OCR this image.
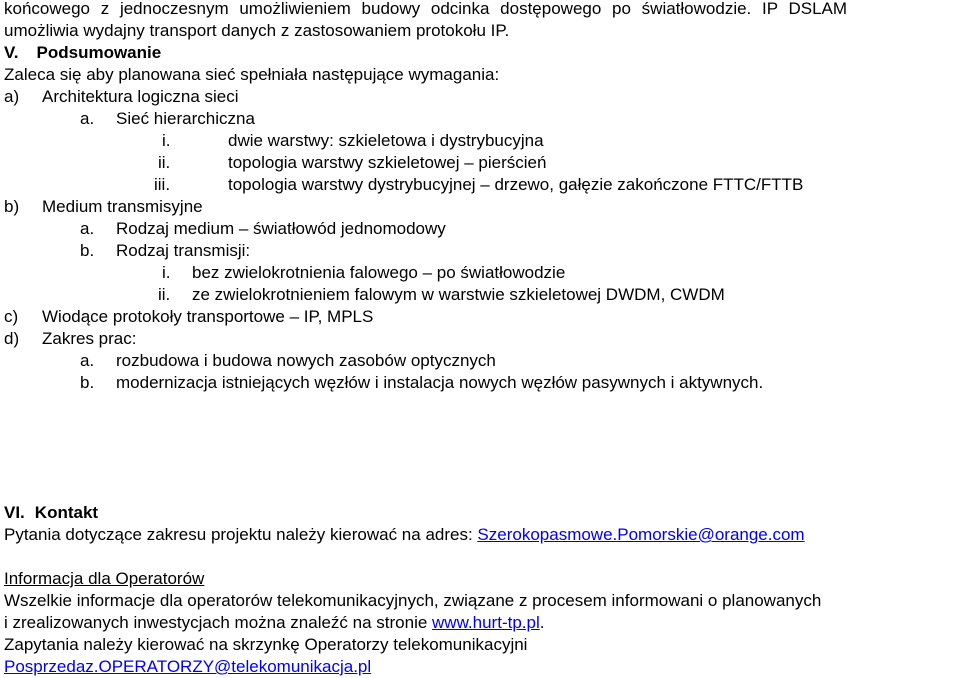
końcowego z jednoczesnym umożliwieniem budowy odcinka dostępowego po światłowodzie. IP DSLAM
umożliwia wydajny transport danych z zastosowaniem protokołu IP.
V. Podsumowanie
Zaleca się aby planowana sieć spełniała następujące wymagania:
a) Architektura logiczna sieci
a. Sieć hierarchiczna
i.	dwie warstwy: szkieletowa i dystrybucyjna
ii.	topologia warstwy szkieletowej – pierścień
iii.	topologia warstwy dystrybucyjnej – drzewo, gałęzie zakończone FTTC/FTTB
b) Medium transmisyjne
a. Rodzaj medium – światłowód jednomodowy
b. Rodzaj transmisji:
i. bez zwielokrotnienia falowego – po światłowodzie
ii. ze zwielokrotnieniem falowym w warstwie szkieletowej DWDM, CWDM
c) Wiodące protokoły transportowe – IP, MPLS
d) Zakres prac:
a. rozbudowa i budowa nowych zasobów optycznych
b. modernizacja istniejących węzłów i instalacja nowych węzłów pasywnych i aktywnych.
VI. Kontakt
Pytania dotyczące zakresu projektu należy kierować na adres: Szerokopasmowe.Pomorskie@orange.com
Informacja dla Operatorów
Wszelkie informacje dla operatorów telekomunikacyjnych, związane z procesem informowani o planowanych
i zrealizowanych inwestycjach można znaleźć na stronie www.hurt-tp.pl.
Zapytania należy kierować na skrzynkę Operatorzy telekomunikacyjni
Posprzedaz.OPERATORZY@telekomunikacja.pl
